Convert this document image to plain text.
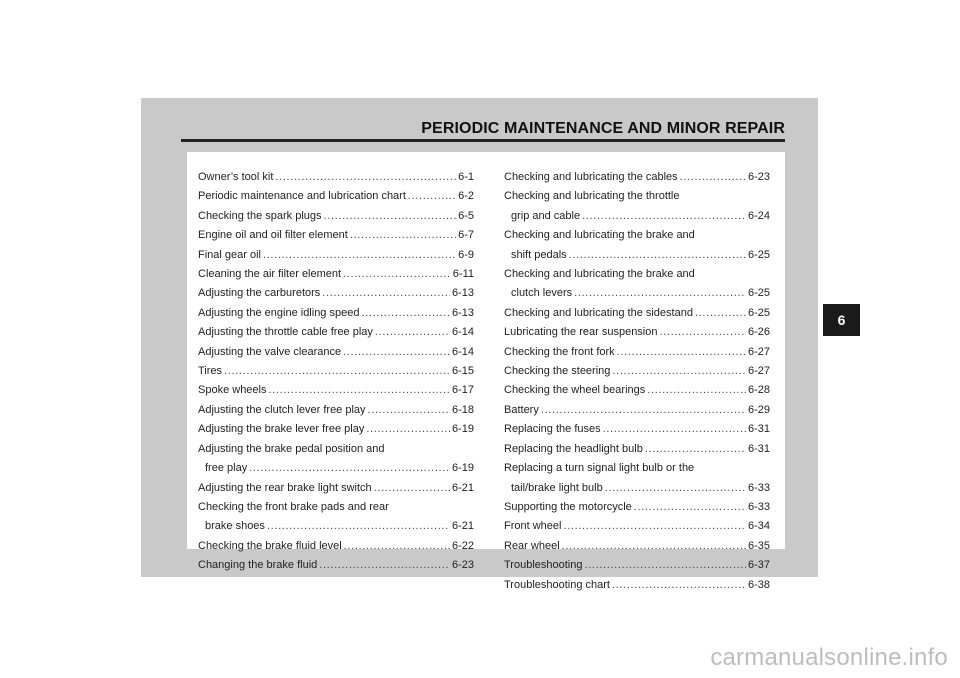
PERIODIC MAINTENANCE AND MINOR REPAIR
Owner’s tool kit . . .	6-1
Periodic maintenance and lubrication chart . . .	6-2
Checking the spark plugs . . .	6-5
Engine oil and oil filter element . . .	6-7
Final gear oil . . .	6-9
Cleaning the air filter element . . .	6-11
Adjusting the carburetors . . .	6-13
Adjusting the engine idling speed . . .	6-13
Adjusting the throttle cable free play . . .	6-14
Adjusting the valve clearance . . .	6-14
Tires . . .	6-15
Spoke wheels . . .	6-17
Adjusting the clutch lever free play . . .	6-18
Adjusting the brake lever free play . . .	6-19
Adjusting the brake pedal position and
free play . . .	6-19
Adjusting the rear brake light switch . . .	6-21
Checking the front brake pads and rear
brake shoes . . .	6-21
Checking the brake fluid level . . .	6-22
Changing the brake fluid . . .	6-23
Checking and lubricating the cables . . .	6-23
Checking and lubricating the throttle
grip and cable . . .	6-24
Checking and lubricating the brake and
shift pedals . . .	6-25
Checking and lubricating the brake and
clutch levers . . .	6-25
Checking and lubricating the sidestand . . .	6-25
Lubricating the rear suspension . . .	6-26
Checking the front fork . . .	6-27
Checking the steering . . .	6-27
Checking the wheel bearings . . .	6-28
Battery . . .	6-29
Replacing the fuses . . .	6-31
Replacing the headlight bulb . . .	6-31
Replacing a turn signal light bulb or the
tail/brake light bulb . . .	6-33
Supporting the motorcycle . . .	6-33
Front wheel . . .	6-34
Rear wheel . . .	6-35
Troubleshooting . . .	6-37
Troubleshooting chart . . .	6-38
6
carmanualsonline.info
